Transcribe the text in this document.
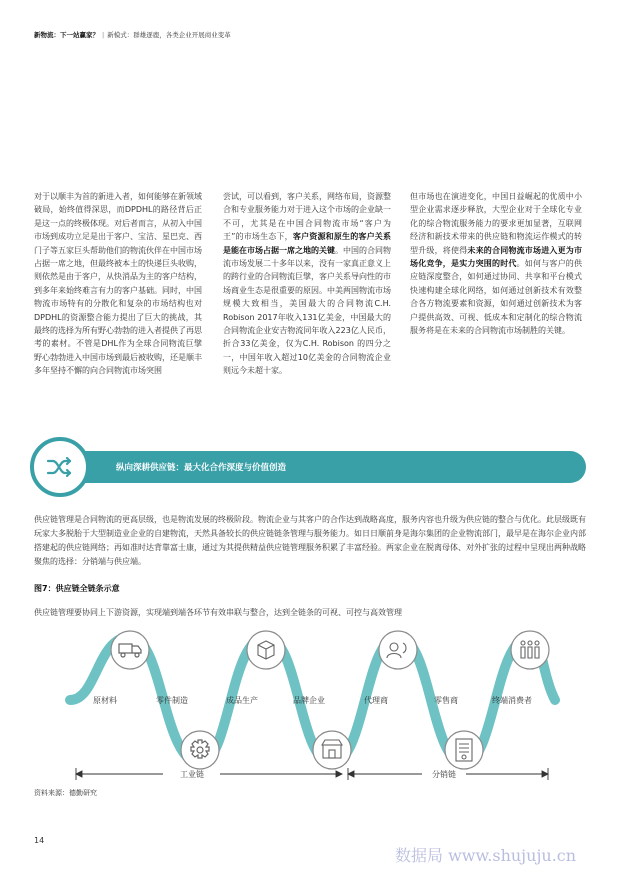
新物流：下一站赢家？ | 新模式：群雄逐鹿，各类企业开展商业变革
对于以顺丰为首的新进入者，如何能够在新领域破局，始终值得深思，而DPDHL的路径背后正是这一点的终极体现。对后者而言，从初入中国市场到成功立足是出于客户、宝洁、星巴克、西门子等五家巨头帮助他们的物流伙伴在中国市场占据一席之地，但最终被本土的快递巨头收购，则依然是由于客户，从快消品为主的客户结构，到多年来始终难言有力的客户基础。同时，中国物流市场特有的分散化和复杂的市场结构也对DPDHL的资源整合能力提出了巨大的挑战，其最终的选择为所有野心勃勃的进入者提供了再思考的素材。不管是DHL作为全球合同物流巨擘野心勃勃进入中国市场到最后被收购，还是顺丰多年坚持不懈的向合同物流市场突围
尝试，可以看到，客户关系，网络布局，资源整合和专业服务能力对于进入这个市场的企业缺一不可，尤其是在中国合同物流市场“客户为王”的市场生态下，客户资源和原生的客户关系是能在市场占据一席之地的关键。中国的合同物流市场发展二十多年以来，没有一家真正意义上的跨行业的合同物流巨擘，客户关系导向性的市场商业生态是很重要的原因。中美两国物流市场规模大致相当，美国最大的合同物流C.H. Robison 2017年收入131亿美金，中国最大的合同物流企业安吉物流同年收入223亿人民币，折合33亿美金，仅为C.H. Robison 的四分之一，中国年收入超过10亿美金的合同物流企业则远今未超十家。
但市场也在演进变化，中国日益崛起的优质中小型企业需求逐步释放，大型企业对于全球化专业化的综合物流服务能力的要求更加显著，互联网经济和新技术带来的供应链和物流运作模式的转型升级，将使得未来的合同物流市场进入更为市场化竞争，是实力突围的时代。如何与客户的供应链深度整合，如何通过协同、共享和平台模式快速构建全球化网络，如何通过创新技术有效整合各方物流要素和资源，如何通过创新技术为客户提供高效、可视、低成本和定制化的综合物流服务将是在未来的合同物流市场制胜的关键。
纵向深耕供应链：最大化合作深度与价值创造
供应链管理是合同物流的更高层级，也是物流发展的终极阶段。物流企业与其客户的合作达到战略高度，服务内容也升级为供应链的整合与优化。此层级既有玩家大多脱胎于大型制造业企业的自建物流，天然具备较长的供应链链条管理与服务能力。如日日顺前身是海尔集团的企业物流部门，最早是在海尔企业内部搭建起的供应链网络；再如准时达背靠富士康，通过为其提供精益供应链管理服务积累了丰富经验。两家企业在脱离母体、对外扩张的过程中呈现出两种战略聚焦的选择：分销端与供应端。
图7：供应链全链条示意
供应链管理要协同上下游资源，实现端到端各环节有效串联与整合，达到全链条的可视、可控与高效管理
原材料	零件制造	成品生产	品牌企业	代理商	零售商	终端消费者
工业链	分销链
资料来源：德勤研究
14
数据局 www.shujuju.cn
